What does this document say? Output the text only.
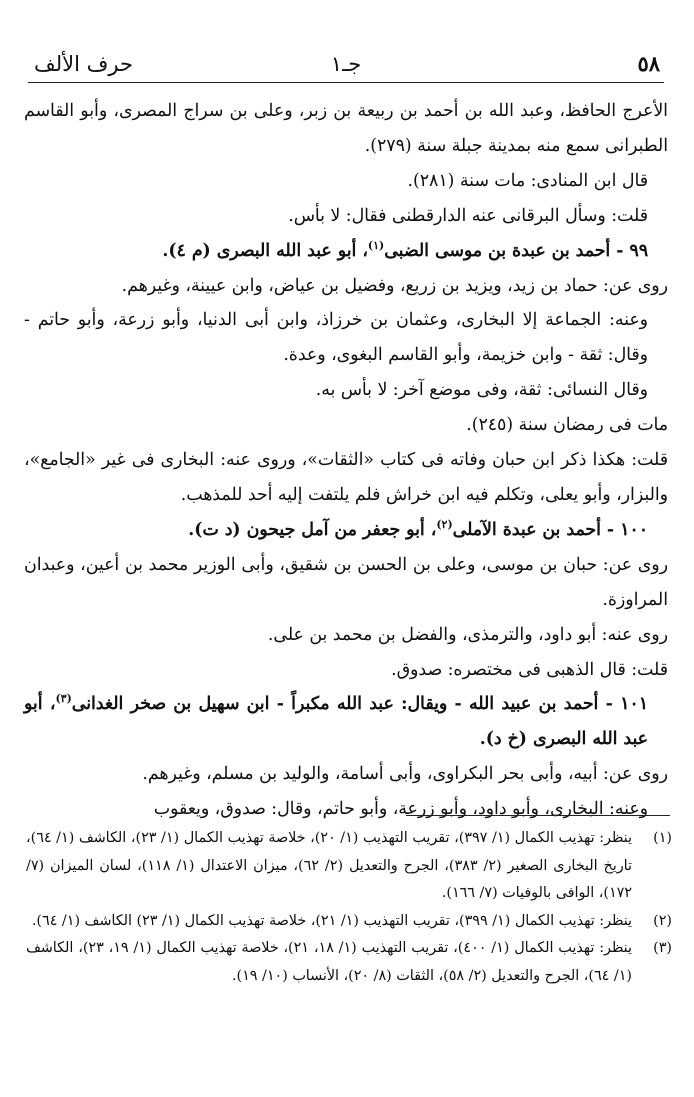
٥٨
جـ١
حرف الألف

الأعرج الحافظ، وعبد الله بن أحمد بن ربيعة بن زبر، وعلى بن سراج المصرى، وأبو القاسم الطبرانى سمع منه بمدينة جبلة سنة (٢٧٩).

قال ابن المنادى: مات سنة (٢٨١).

قلت: وسأل البرقانى عنه الدارقطنى فقال: لا بأس.

٩٩ - أحمد بن عبدة بن موسى الضبى$^{(١)}$، أبو عبد الله البصرى (م ٤).

روى عن: حماد بن زيد، ويزيد بن زريع، وفضيل بن عياض، وابن عيينة، وغيرهم.

وعنه: الجماعة إلا البخارى، وعثمان بن خرزاذ، وابن أبى الدنيا، وأبو زرعة، وأبو حاتم - وقال: ثقة - وابن خزيمة، وأبو القاسم البغوى، وعدة.

وقال النسائى: ثقة، وفى موضع آخر: لا بأس به.

مات فى رمضان سنة (٢٤٥).

قلت: هكذا ذكر ابن حبان وفاته فى كتاب «الثقات»، وروى عنه: البخارى فى غير «الجامع»، والبزار، وأبو يعلى، وتكلم فيه ابن خراش فلم يلتفت إليه أحد للمذهب.

١٠٠ - أحمد بن عبدة الآملى$^{(٢)}$، أبو جعفر من آمل جيحون (د ت).

روى عن: حبان بن موسى، وعلى بن الحسن بن شقيق، وأبى الوزير محمد بن أعين، وعبدان المراوزة.

روى عنه: أبو داود، والترمذى، والفضل بن محمد بن على.

قلت: قال الذهبى فى مختصره: صدوق.

١٠١ - أحمد بن عبيد الله - ويقال: عبد الله مكبراً - ابن سهيل بن صخر الغدانى$^{(٣)}$، أبو عبد الله البصرى (خ د).

روى عن: أبيه، وأبى بحر البكراوى، وأبى أسامة، والوليد بن مسلم، وغيرهم.

وعنه: البخارى، وأبو داود، وأبو زرعة، وأبو حاتم، وقال: صدوق، ويعقوب

(١)
ينظر: تهذيب الكمال (١/ ٣٩٧)، تقريب التهذيب (١/ ٢٠)، خلاصة تهذيب الكمال (١/ ٢٣)، الكاشف (١/ ٦٤)، تاريخ البخارى الصغير (٢/ ٣٨٣)، الجرح والتعديل (٢/ ٦٢)، ميزان الاعتدال (١/ ١١٨)، لسان الميزان (٧/ ١٧٢)، الوافى بالوفيات (٧/ ١٦٦).
(٢)
ينظر: تهذيب الكمال (١/ ٣٩٩)، تقريب التهذيب (١/ ٢١)، خلاصة تهذيب الكمال (١/ ٢٣) الكاشف (١/ ٦٤).
(٣)
ينظر: تهذيب الكمال (١/ ٤٠٠)، تقريب التهذيب (١/ ١٨، ٢١)، خلاصة تهذيب الكمال (١/ ١٩، ٢٣)، الكاشف (١/ ٦٤)، الجرح والتعديل (٢/ ٥٨)، الثقات (٨/ ٢٠)، الأنساب (١٠/ ١٩).
